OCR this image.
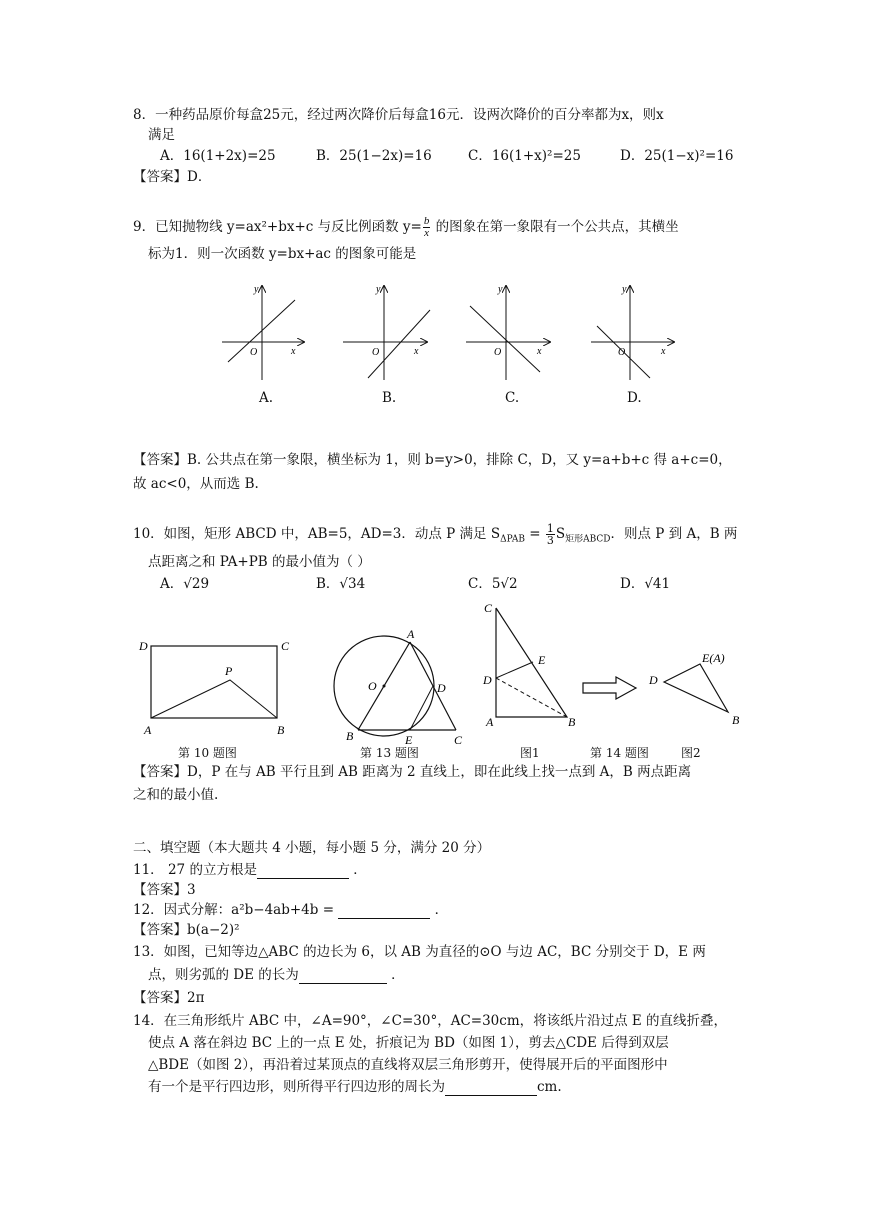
8．一种药品原价每盒25元，经过两次降价后每盒16元．设两次降价的百分率都为x，则x
满足
A．16(1+2x)=25	B．25(1−2x)=16	C．16(1+x)²=25	D．25(1−x)²=16
【答案】D．
9．已知抛物线 y=ax²+bx+c 与反比例函数 $y= \frac{b}{x}$ 的图象在第一象限有一个公共点，其横坐
标为1．则一次函数 y=bx+ac 的图象可能是
y
x
O
y
x
O
y
x
O
y
x
O
A.	B.	C.	D.
【答案】B. 公共点在第一象限，横坐标为 1，则 b=y>0，排除 C，D，又 y=a+b+c 得 a+c=0，
故 ac<0，从而选 B.
10．如图，矩形 ABCD 中，AB=5，AD=3．动点 P 满足 $S_{\Delta PAB} = \frac{1}{3} S_{矩形ABCD}$．则点 P 到 A，B 两
点距离之和 PA+PB 的最小值为（ ）
A．√29	B．√34	C．5√2	D．√41
D	C
P
A	B
A
O	D
B	E	C
C
E
D
A	B
E(A)
D
B
第 10 题图	第 13 题图	图1	第 14 题图	图2
【答案】D，P 在与 AB 平行且到 AB 距离为 2 直线上，即在此线上找一点到 A，B 两点距离
之和的最小值.
二、填空题（本大题共 4 小题，每小题 5 分，满分 20 分）
11． 27 的立方根是	．
【答案】3
12．因式分解：a²b−4ab+4b =	．
【答案】b(a−2)²
13．如图，已知等边△ABC 的边长为 6，以 AB 为直径的⊙O 与边 AC，BC 分别交于 D，E 两
点，则劣弧的 DE 的长为	．
【答案】2π
14．在三角形纸片 ABC 中，∠A=90°，∠C=30°，AC=30cm，将该纸片沿过点 E 的直线折叠，
使点 A 落在斜边 BC 上的一点 E 处，折痕记为 BD（如图 1），剪去△CDE 后得到双层
△BDE（如图 2），再沿着过某顶点的直线将双层三角形剪开，使得展开后的平面图形中
有一个是平行四边形，则所得平行四边形的周长为	cm.
